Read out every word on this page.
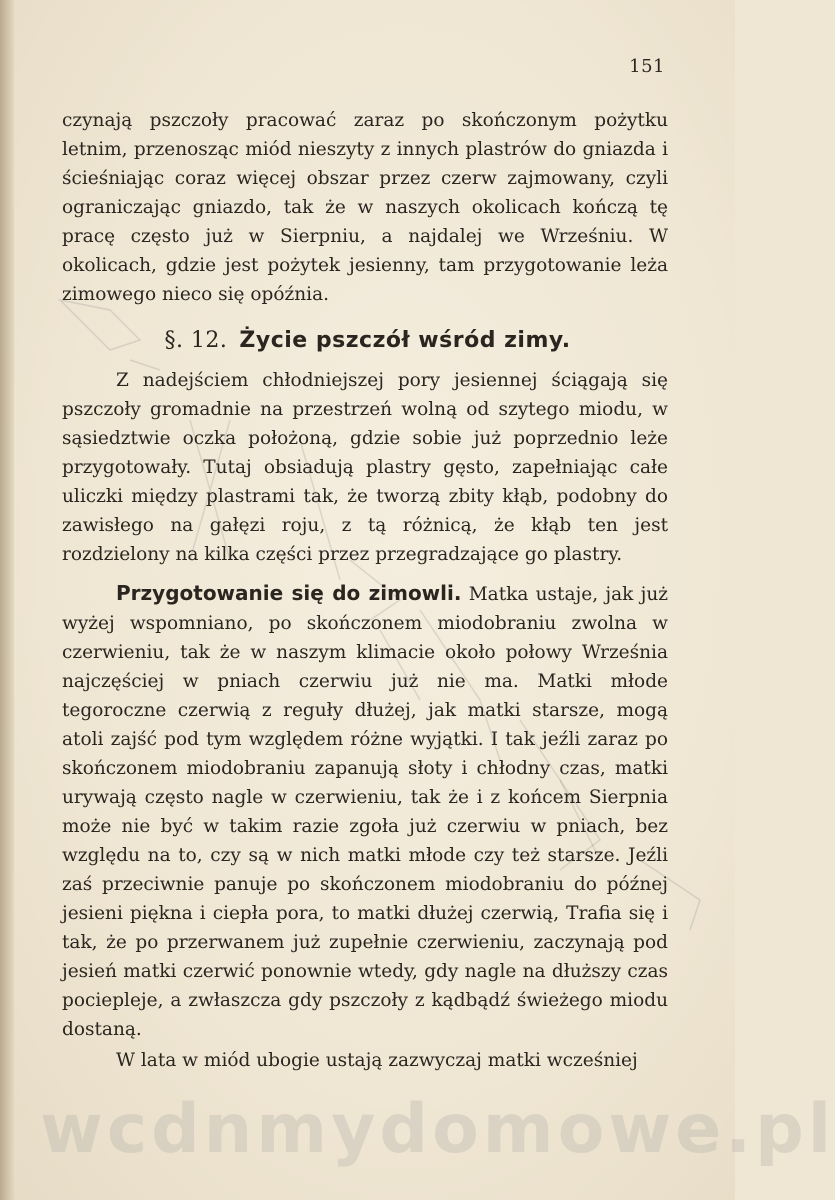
151

czynają pszczoły pracować zaraz po skończonym pożytku letnim, przenosząc miód nieszyty z innych plastrów do gniazda i ścieśniając coraz więcej obszar przez czerw zajmowany, czyli ograniczając gniazdo, tak że w naszych okolicach kończą tę pracę często już w Sierpniu, a najdalej we Wrześniu. W okolicach, gdzie jest pożytek jesienny, tam przygotowanie leża zimowego nieco się opóźnia.

§. 12. Życie pszczół wśród zimy.

Z nadejściem chłodniejszej pory jesiennej ściągają się pszczoły gromadnie na przestrzeń wolną od szytego miodu, w sąsiedztwie oczka położoną, gdzie sobie już poprzednio leże przygotowały. Tutaj obsiadują plastry gęsto, zapełniając całe uliczki między plastrami tak, że tworzą zbity kłąb, podobny do zawisłego na gałęzi roju, z tą różnicą, że kłąb ten jest rozdzielony na kilka części przez przegradzające go plastry.

Przygotowanie się do zimowli. Matka ustaje, jak już wyżej wspomniano, po skończonem miodobraniu zwolna w czerwieniu, tak że w naszym klimacie około połowy Września najczęściej w pniach czerwiu już nie ma. Matki młode tegoroczne czerwią z reguły dłużej, jak matki starsze, mogą atoli zajść pod tym względem różne wyjątki. I tak jeźli zaraz po skończonem miodobraniu zapanują słoty i chłodny czas, matki urywają często nagle w czerwieniu, tak że i z końcem Sierpnia może nie być w takim razie zgoła już czerwiu w pniach, bez względu na to, czy są w nich matki młode czy też starsze. Jeźli zaś przeciwnie panuje po skończonem miodobraniu do późnej jesieni piękna i ciepła pora, to matki dłużej czerwią, Trafia się i tak, że po przerwanem już zupełnie czerwieniu, zaczynają pod jesień matki czerwić ponownie wtedy, gdy nagle na dłuższy czas pociepleje, a zwłaszcza gdy pszczoły z kądbądź świeżego miodu dostaną.

W lata w miód ubogie ustają zazwyczaj matki wcześniej

wcdnmydomowe.pl
